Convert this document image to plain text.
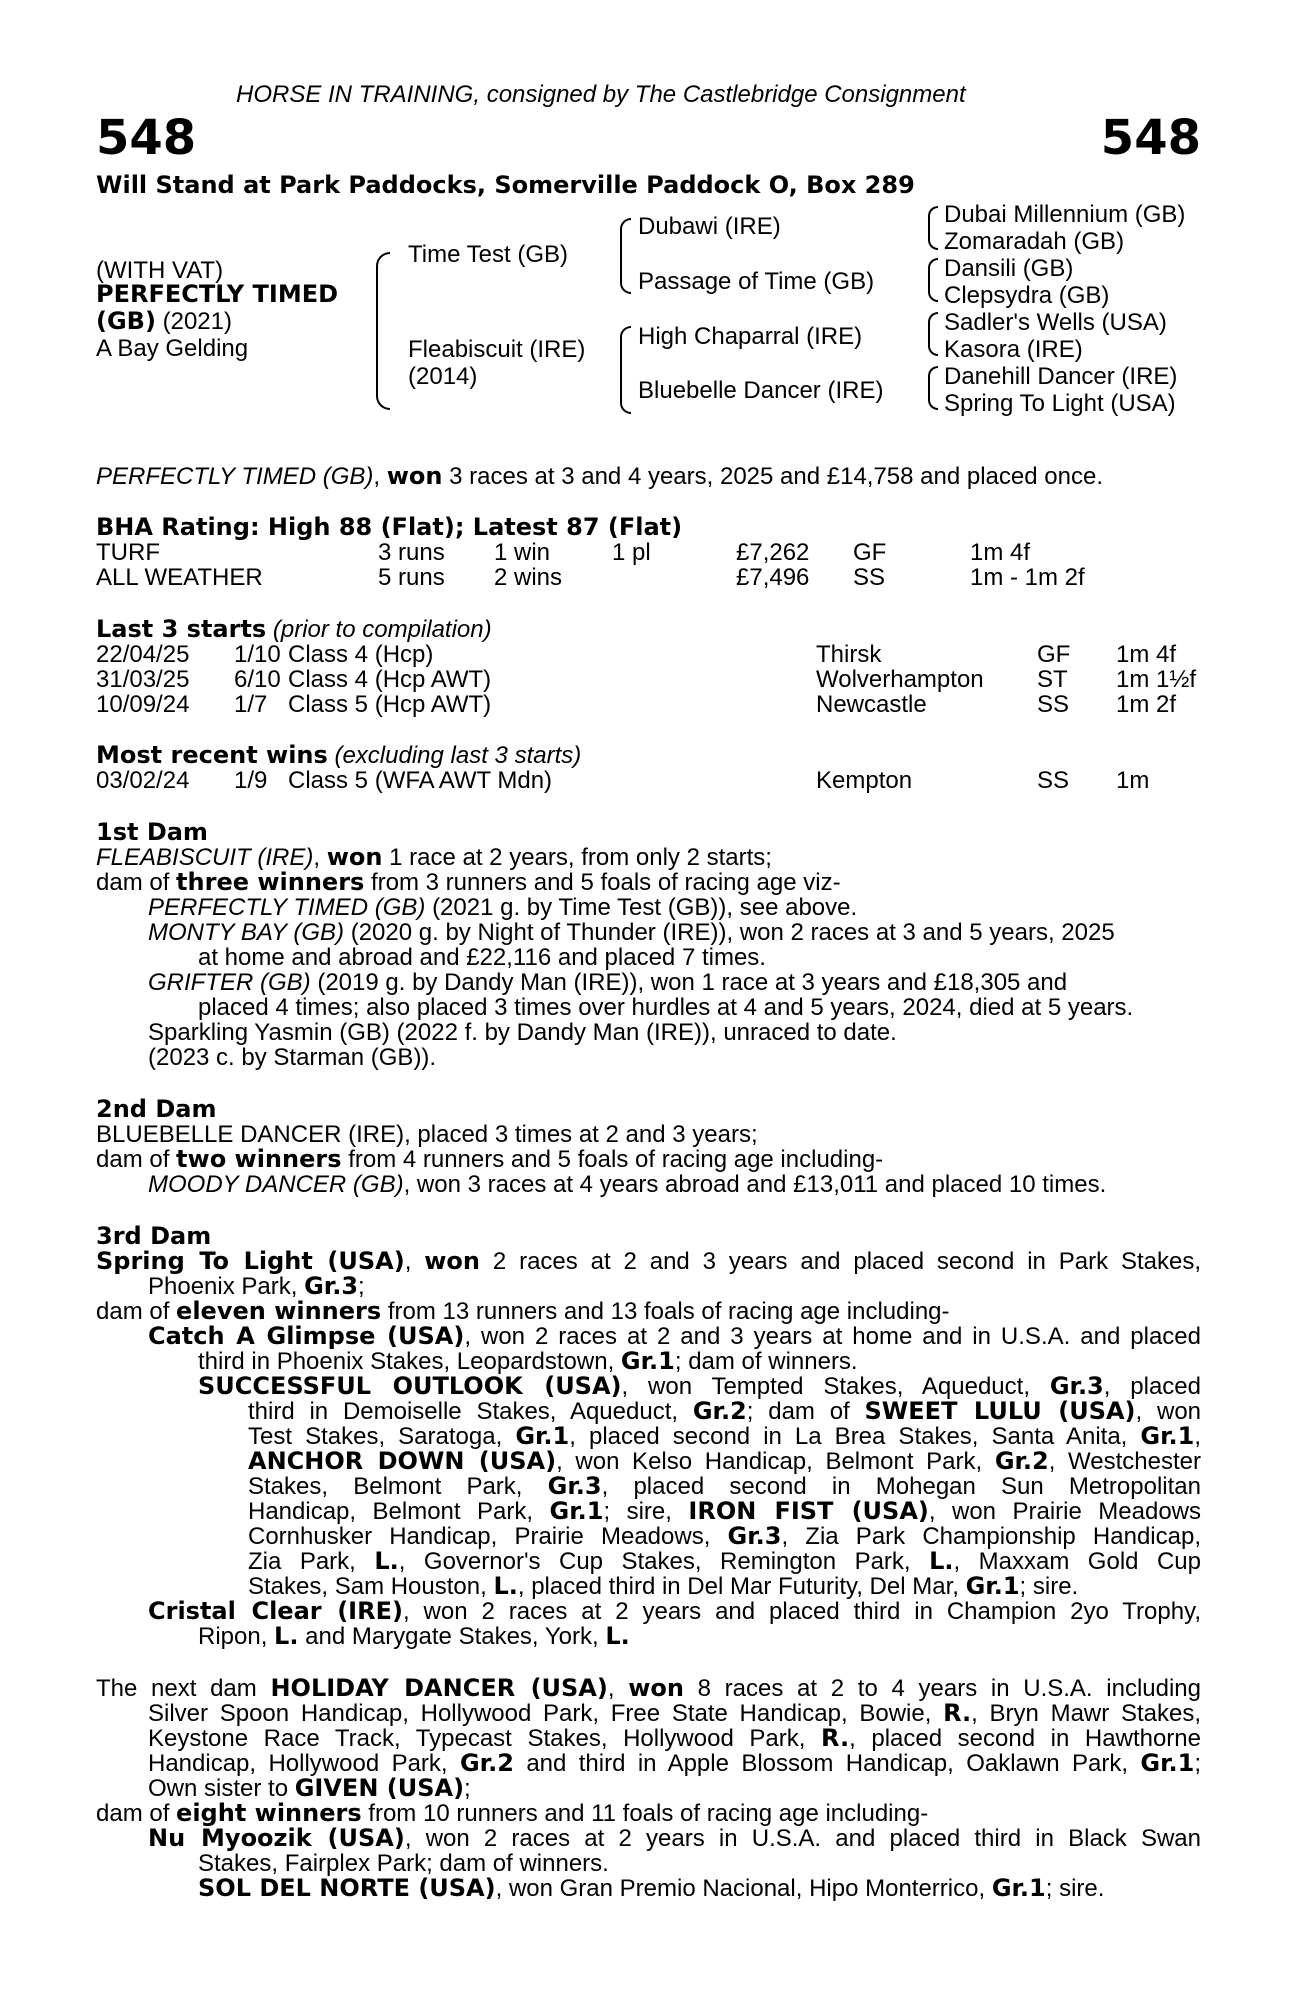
HORSE IN TRAINING, consigned by The Castlebridge Consignment
548	548
Will Stand at Park Paddocks, Somerville Paddock O, Box 289
(WITH VAT)
PERFECTLY TIMED
(GB) (2021)
A Bay Gelding
Time Test (GB)
Fleabiscuit (IRE)
(2014)
Dubawi (IRE)
Passage of Time (GB)
High Chaparral (IRE)
Bluebelle Dancer (IRE)
Dubai Millennium (GB)
Zomaradah (GB)
Dansili (GB)
Clepsydra (GB)
Sadler's Wells (USA)
Kasora (IRE)
Danehill Dancer (IRE)
Spring To Light (USA)
PERFECTLY TIMED (GB), won 3 races at 3 and 4 years, 2025 and £14,758 and placed once.
BHA Rating: High 88 (Flat); Latest 87 (Flat)
TURF	3 runs 1 win	1 pl	£7,262 GF	1m 4f
ALL WEATHER	5 runs 2 wins	£7,496 SS	1m - 1m 2f
Last 3 starts (prior to compilation)
22/04/25 1/10 Class 4 (Hcp)	Thirsk	GF 1m 4f
31/03/25 6/10 Class 4 (Hcp AWT)	Wolverhampton ST 1m 1½f
10/09/24 1/7 Class 5 (Hcp AWT)	Newcastle	SS 1m 2f
Most recent wins (excluding last 3 starts)
03/02/24 1/9 Class 5 (WFA AWT Mdn)	Kempton	SS 1m
1st Dam
FLEABISCUIT (IRE), won 1 race at 2 years, from only 2 starts;
dam of three winners from 3 runners and 5 foals of racing age viz-
PERFECTLY TIMED (GB) (2021 g. by Time Test (GB)), see above.
MONTY BAY (GB) (2020 g. by Night of Thunder (IRE)), won 2 races at 3 and 5 years, 2025
at home and abroad and £22,116 and placed 7 times.
GRIFTER (GB) (2019 g. by Dandy Man (IRE)), won 1 race at 3 years and £18,305 and
placed 4 times; also placed 3 times over hurdles at 4 and 5 years, 2024, died at 5 years.
Sparkling Yasmin (GB) (2022 f. by Dandy Man (IRE)), unraced to date.
(2023 c. by Starman (GB)).
2nd Dam
BLUEBELLE DANCER (IRE), placed 3 times at 2 and 3 years;
dam of two winners from 4 runners and 5 foals of racing age including-
MOODY DANCER (GB), won 3 races at 4 years abroad and £13,011 and placed 10 times.
3rd Dam
Spring To Light (USA), won 2 races at 2 and 3 years and placed second in Park Stakes,
Phoenix Park, Gr.3;
dam of eleven winners from 13 runners and 13 foals of racing age including-
Catch A Glimpse (USA), won 2 races at 2 and 3 years at home and in U.S.A. and placed
third in Phoenix Stakes, Leopardstown, Gr.1; dam of winners.
SUCCESSFUL OUTLOOK (USA), won Tempted Stakes, Aqueduct, Gr.3, placed
third in Demoiselle Stakes, Aqueduct, Gr.2; dam of SWEET LULU (USA), won
Test Stakes, Saratoga, Gr.1, placed second in La Brea Stakes, Santa Anita, Gr.1,
ANCHOR DOWN (USA), won Kelso Handicap, Belmont Park, Gr.2, Westchester
Stakes, Belmont Park, Gr.3, placed second in Mohegan Sun Metropolitan
Handicap, Belmont Park, Gr.1; sire, IRON FIST (USA), won Prairie Meadows
Cornhusker Handicap, Prairie Meadows, Gr.3, Zia Park Championship Handicap,
Zia Park, L., Governor's Cup Stakes, Remington Park, L., Maxxam Gold Cup
Stakes, Sam Houston, L., placed third in Del Mar Futurity, Del Mar, Gr.1; sire.
Cristal Clear (IRE), won 2 races at 2 years and placed third in Champion 2yo Trophy,
Ripon, L. and Marygate Stakes, York, L.
The next dam HOLIDAY DANCER (USA), won 8 races at 2 to 4 years in U.S.A. including
Silver Spoon Handicap, Hollywood Park, Free State Handicap, Bowie, R., Bryn Mawr Stakes,
Keystone Race Track, Typecast Stakes, Hollywood Park, R., placed second in Hawthorne
Handicap, Hollywood Park, Gr.2 and third in Apple Blossom Handicap, Oaklawn Park, Gr.1;
Own sister to GIVEN (USA);
dam of eight winners from 10 runners and 11 foals of racing age including-
Nu Myoozik (USA), won 2 races at 2 years in U.S.A. and placed third in Black Swan
Stakes, Fairplex Park; dam of winners.
SOL DEL NORTE (USA), won Gran Premio Nacional, Hipo Monterrico, Gr.1; sire.
